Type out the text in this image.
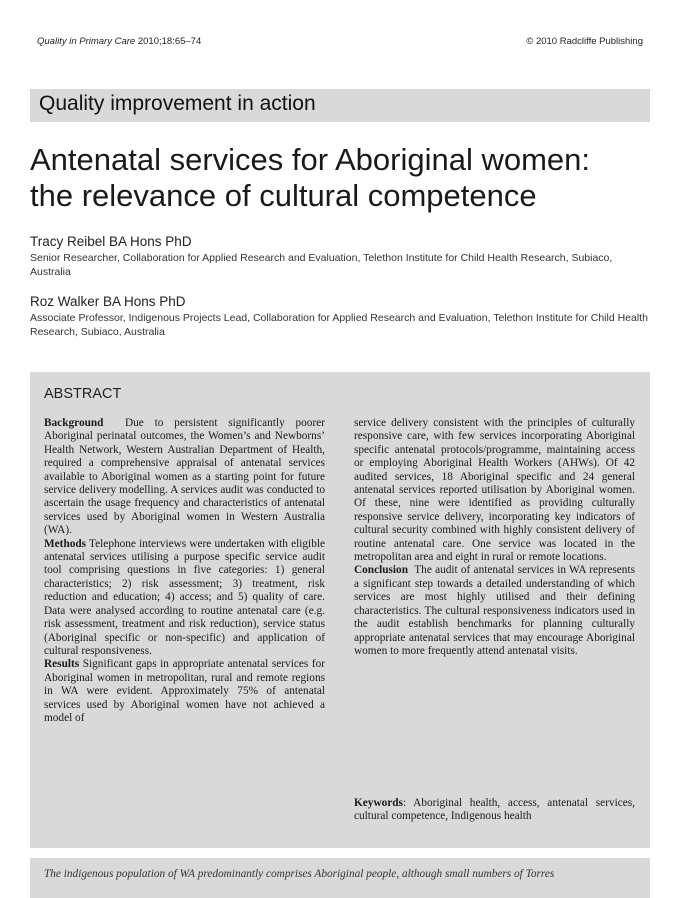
Quality in Primary Care 2010;18:65–74	© 2010 Radcliffe Publishing
Quality improvement in action
Antenatal services for Aboriginal women:
the relevance of cultural competence
Tracy Reibel BA Hons PhD
Senior Researcher, Collaboration for Applied Research and Evaluation, Telethon Institute for Child Health Research, Subiaco, Australia
Roz Walker BA Hons PhD
Associate Professor, Indigenous Projects Lead, Collaboration for Applied Research and Evaluation, Telethon Institute for Child Health Research, Subiaco, Australia
ABSTRACT

Background Due to persistent significantly poorer Aboriginal perinatal outcomes, the Women’s and Newborns’ Health Network, Western Australian Department of Health, required a comprehensive appraisal of antenatal services available to Aboriginal women as a starting point for future service delivery modelling. A services audit was conducted to ascertain the usage frequency and characteristics of antenatal services used by Aboriginal women in Western Australia (WA).

Methods Telephone interviews were undertaken with eligible antenatal services utilising a purpose specific service audit tool comprising questions in five categories: 1) general characteristics; 2) risk assessment; 3) treatment, risk reduction and education; 4) access; and 5) quality of care. Data were analysed according to routine antenatal care (e.g. risk assessment, treatment and risk reduction), service status (Aboriginal specific or non-specific) and application of cultural responsiveness.

Results Significant gaps in appropriate antenatal services for Aboriginal women in metropolitan, rural and remote regions in WA were evident. Approximately 75% of antenatal services used by Aboriginal women have not achieved a model of

service delivery consistent with the principles of culturally responsive care, with few services incorporating Aboriginal specific antenatal protocols/programme, maintaining access or employing Aboriginal Health Workers (AHWs). Of 42 audited services, 18 Aboriginal specific and 24 general antenatal services reported utilisation by Aboriginal women. Of these, nine were identified as providing culturally responsive service delivery, incorporating key indicators of cultural security combined with highly consistent delivery of routine antenatal care. One service was located in the metropolitan area and eight in rural or remote locations.

Conclusion The audit of antenatal services in WA represents a significant step towards a detailed understanding of which services are most highly utilised and their defining characteristics. The cultural responsiveness indicators used in the audit establish benchmarks for planning culturally appropriate antenatal services that may encourage Aboriginal women to more frequently attend antenatal visits.

Keywords: Aboriginal health, access, antenatal services, cultural competence, Indigenous health

The indigenous population of WA predominantly comprises Aboriginal people, although small numbers of Torres
